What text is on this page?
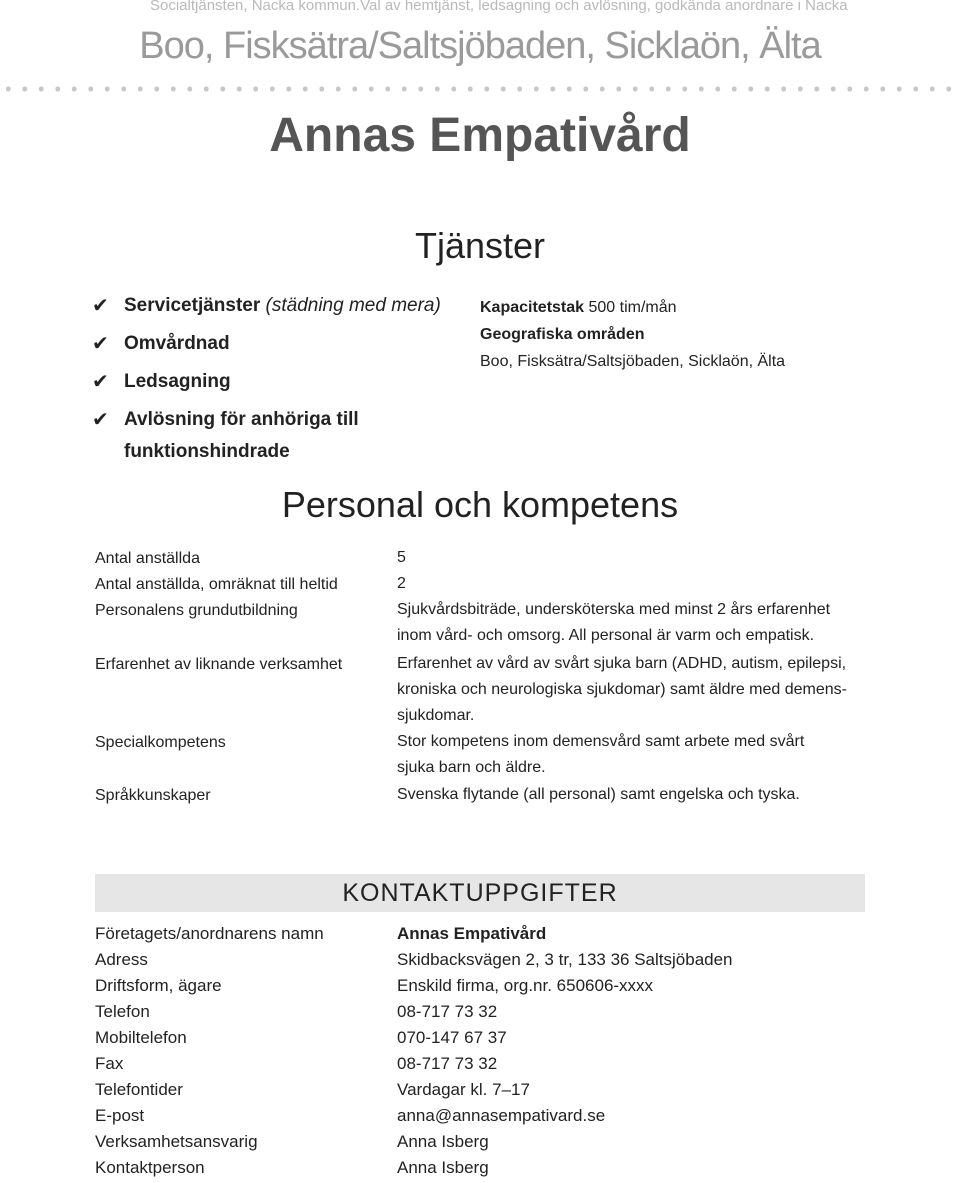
Socialtjänsten, Nacka kommun.Val av hemtjänst, ledsagning och avlösning, godkända anordnare i Nacka
Boo, Fisksätra/Saltsjöbaden, Sicklaön, Älta
Annas Empativård
Tjänster
✔ Servicetjänster (städning med mera)
✔ Omvårdnad
✔ Ledsagning
✔ Avlösning för anhöriga till funktionshindrade
Kapacitetstak 500 tim/mån
Geografiska områden
Boo, Fisksätra/Saltsjöbaden, Sicklaön, Älta
Personal och kompetens
Antal anställda	5
Antal anställda, omräknat till heltid	2
Personalens grundutbildning	Sjukvårdsbiträde, undersköterska med minst 2 års erfarenhet
inom vård- och omsorg. All personal är varm och empatisk.
Erfarenhet av liknande verksamhet	Erfarenhet av vård av svårt sjuka barn (ADHD, autism, epilepsi,
kroniska och neurologiska sjukdomar) samt äldre med demens-
sjukdomar.
Specialkompetens	Stor kompetens inom demensvård samt arbete med svårt
sjuka barn och äldre.
Språkkunskaper	Svenska flytande (all personal) samt engelska och tyska.
KONTAKTUPPGIFTER
Företagets/anordnarens namn	Annas Empativård
Adress	Skidbacksvägen 2, 3 tr, 133 36 Saltsjöbaden
Driftsform, ägare	Enskild firma, org.nr. 650606-xxxx
Telefon	08-717 73 32
Mobiltelefon	070-147 67 37
Fax	08-717 73 32
Telefontider	Vardagar kl. 7–17
E-post	anna@annasempativard.se
Verksamhetsansvarig	Anna Isberg
Kontaktperson	Anna Isberg
